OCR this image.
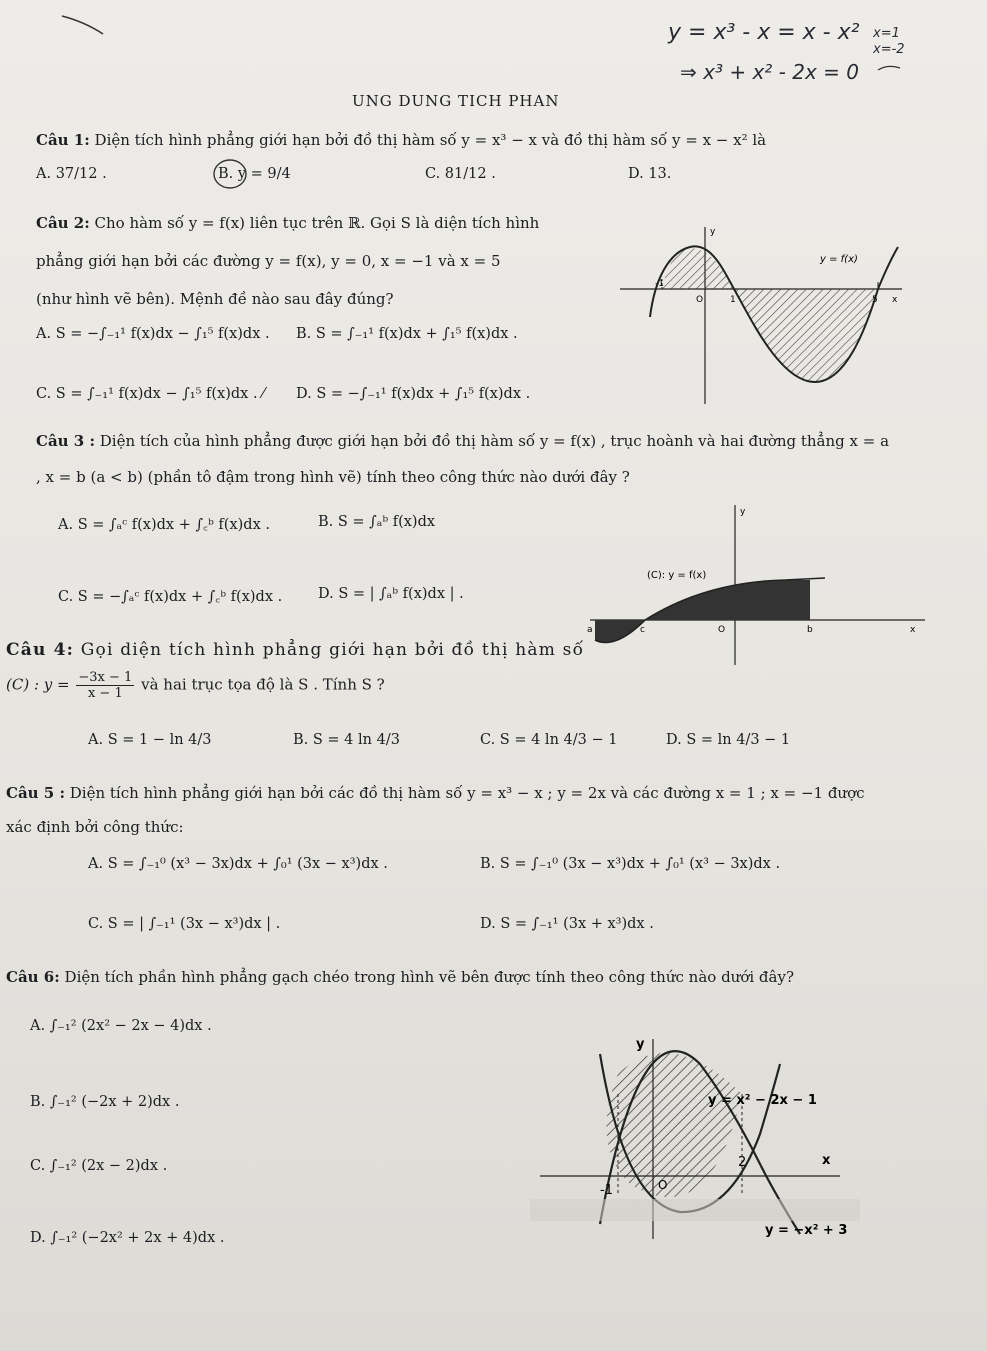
y = x³ - x = x - x²
⇒ x³ + x² - 2x = 0
x=1 x=-2
UNG DUNG TICH PHAN
Câu 1: Diện tích hình phẳng giới hạn bởi đồ thị hàm số y = x³ − x và đồ thị hàm số y = x − x² là
A. 37/12 .	B. y = 9/4	C. 81/12 .	D. 13.
Câu 2: Cho hàm số y = f(x) liên tục trên ℝ. Gọi S là diện tích hình
phẳng giới hạn bởi các đường y = f(x), y = 0, x = −1 và x = 5
(như hình vẽ bên). Mệnh đề nào sau đây đúng?
A. S = −∫₋₁¹ f(x)dx − ∫₁⁵ f(x)dx . B. S = ∫₋₁¹ f(x)dx + ∫₁⁵ f(x)dx .
C. S = ∫₋₁¹ f(x)dx − ∫₁⁵ f(x)dx . ⁄ D. S = −∫₋₁¹ f(x)dx + ∫₁⁵ f(x)dx .
-1
O	1	5
y
x
y = f(x)
Câu 3 : Diện tích của hình phẳng được giới hạn bởi đồ thị hàm số y = f(x) , trục hoành và hai đường thẳng x = a
, x = b (a < b) (phần tô đậm trong hình vẽ) tính theo công thức nào dưới đây ?
A. S = ∫ₐᶜ f(x)dx + ∫꜀ᵇ f(x)dx .	B. S = ∫ₐᵇ f(x)dx
C. S = −∫ₐᶜ f(x)dx + ∫꜀ᵇ f(x)dx . D. S = | ∫ₐᵇ f(x)dx | .
a	c	O	b
y
x
(C): y = f(x)
Câu 4: Gọi diện tích hình phẳng giới hạn bởi đồ thị hàm số
(C) : $y = \frac{-3x - 1}{x - 1}$ và hai trục tọa độ là S . Tính S ?
A. S = 1 − ln 4/3	B. S = 4 ln 4/3	C. S = 4 ln 4/3 − 1	D. S = ln 4/3 − 1
Câu 5 : Diện tích hình phẳng giới hạn bởi các đồ thị hàm số y = x³ − x ; y = 2x và các đường x = 1 ; x = −1 được
xác định bởi công thức:
A. S = ∫₋₁⁰ (x³ − 3x)dx + ∫₀¹ (3x − x³)dx .	B. S = ∫₋₁⁰ (3x − x³)dx + ∫₀¹ (x³ − 3x)dx .
C. S = | ∫₋₁¹ (3x − x³)dx | .	D. S = ∫₋₁¹ (3x + x³)dx .
Câu 6: Diện tích phần hình phẳng gạch chéo trong hình vẽ bên được tính theo công thức nào dưới đây?
A. ∫₋₁² (2x² − 2x − 4)dx .
B. ∫₋₁² (−2x + 2)dx .
C. ∫₋₁² (2x − 2)dx .
D. ∫₋₁² (−2x² + 2x + 4)dx .
-1	O
2
y
x
y = x² − 2x − 1
y = −x² + 3
